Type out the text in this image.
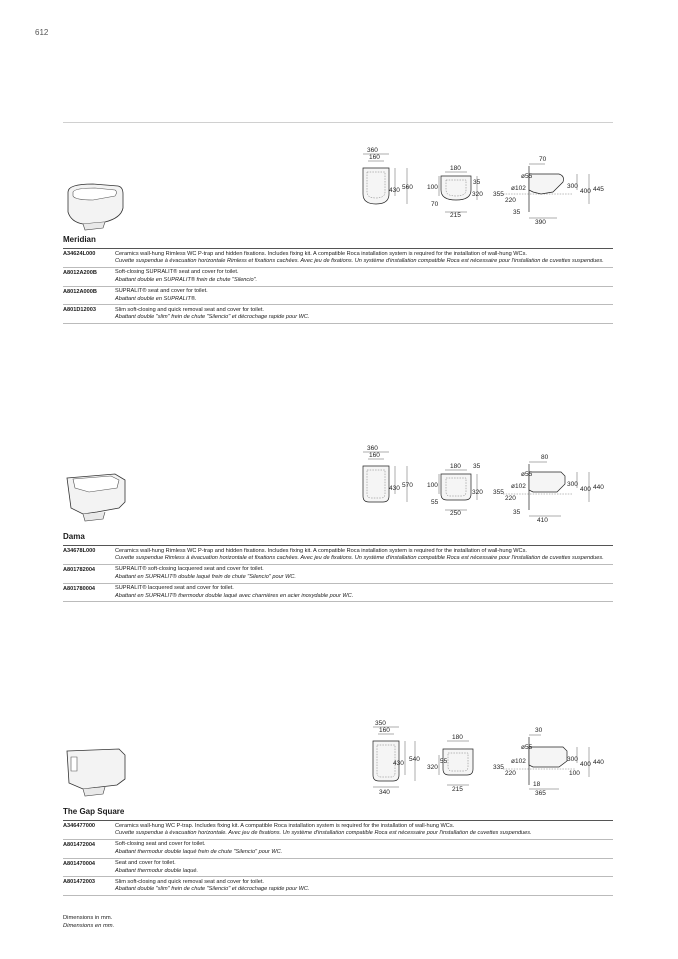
612
360
160
430 560
180
100
35
320
70
215
70
ø55
300
400 445
355
ø102
220
35
390
Meridian
A34624L000	Ceramics wall-hung Rimless WC P-trap and hidden fixations. Includes fixing kit. A compatible Roca installation system is required for the installation of wall-hung WCs.
Cuvette suspendue à évacuation horizontale Rimless et fixations cachées. Avec jeu de fixations. Un système d'installation compatible Roca est nécessaire pour l'installation de cuvettes suspendues.
A8012A200B	Soft-closing SUPRALIT® seat and cover for toilet.
Abattant double en SUPRALIT® frein de chute "Silencio".
A8012A000B	SUPRALIT® seat and cover for toilet.
Abattant double en SUPRALIT®.
A801D12003	Slim soft-closing and quick removal seat and cover for toilet.
Abattant double "slim" frein de chute "Silencio" et décrochage rapide pour WC.
360
160
430 570
180 35
100
320
55
250
80
ø55
300
400 440
355
ø102
220
35
410
Dama
A34678L000	Ceramics wall-hung Rimless WC P-trap and hidden fixations. Includes fixing kit. A compatible Roca installation system is required for the installation of wall-hung WCs.
Cuvette suspendue Rimless à évacuation horizontale et fixations cachées. Avec jeu de fixations. Un système d'installation compatible Roca est nécessaire pour l'installation de cuvettes suspendues.
A801782004	SUPRALIT® soft-closing lacquered seat and cover for toilet.
Abattant en SUPRALIT® double laqué frein de chute "Silencio" pour WC.
A801780004	SUPRALIT® lacquered seat and cover for toilet.
Abattant en SUPRALIT® thermodur double laqué avec charnières en acier inoxydable pour WC.
350
160
430
540
340
180
320
55
215
30
ø55
300
400 440
335
ø102
220	100
18
365
The Gap Square
A346477000	Ceramics wall-hung WC P-trap. Includes fixing kit. A compatible Roca installation system is required for the installation of wall-hung WCs.
Cuvette suspendue à évacuation horizontale. Avec jeu de fixations. Un système d'installation compatible Roca est nécessaire pour l'installation de cuvettes suspendues.
A801472004	Soft-closing seat and cover for toilet.
Abattant thermodur double laqué frein de chute "Silencio" pour WC.
A801470004	Seat and cover for toilet.
Abattant thermodur double laqué.
A801472003	Slim soft-closing and quick removal seat and cover for toilet.
Abattant double "slim" frein de chute "Silencio" et décrochage rapide pour WC.
Dimensions in mm.
Dimensions en mm.
